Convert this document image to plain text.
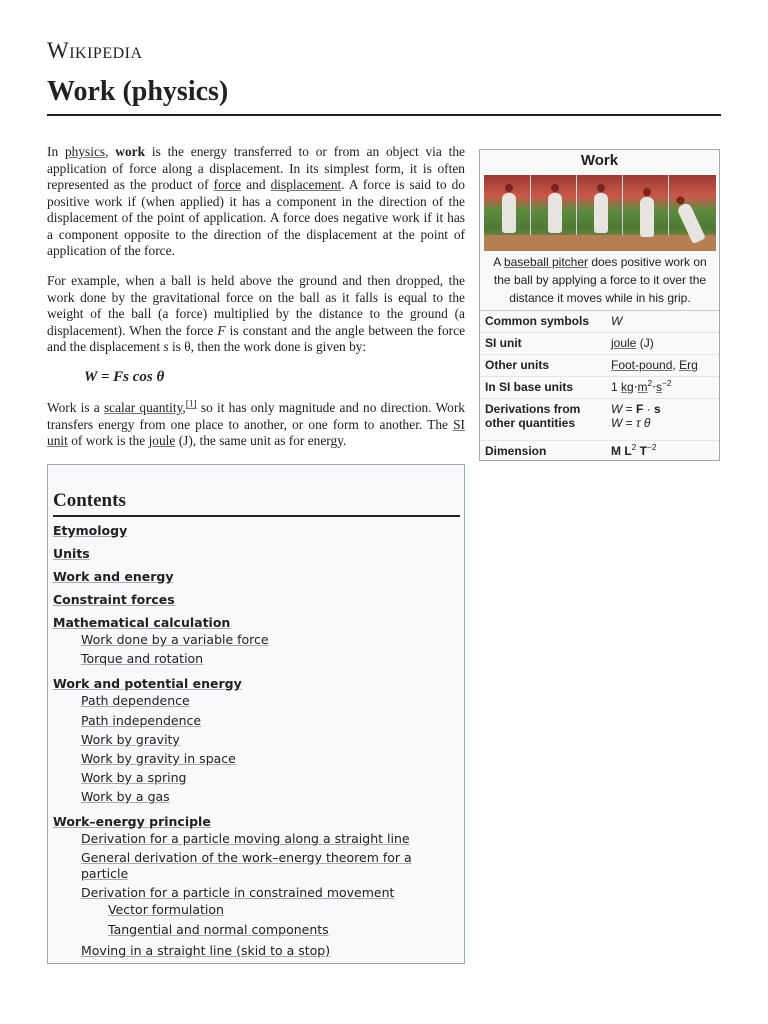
Wikipedia
Work (physics)

In physics, work is the energy transferred to or from an object via the application of force along a displacement. In its simplest form, it is often represented as the product of force and displacement. A force is said to do positive work if (when applied) it has a component in the direction of the displacement of the point of application. A force does negative work if it has a component opposite to the direction of the displacement at the point of application of the force.

For example, when a ball is held above the ground and then dropped, the work done by the gravitational force on the ball as it falls is equal to the weight of the ball (a force) multiplied by the distance to the ground (a displacement). When the force F is constant and the angle between the force and the displacement s is θ, then the work done is given by:

W = Fs cos θ

Work is a scalar quantity,[1] so it has only magnitude and no direction. Work transfers energy from one place to another, or one form to another. The SI unit of work is the joule (J), the same unit as for energy.

Work
A baseball pitcher does positive work on the ball by applying a force to it over the distance it moves while in his grip.
Common symbols	W
SI unit	joule (J)
Other units	Foot-pound, Erg
In SI base units	1 $kg\cdot m^2\cdot s^{-2}$
Derivations from other quantities	W = F · s
W = τ θ
Dimension	M $L^2$ $T^{-2}$
Contents
Etymology
Units
Work and energy
Constraint forces
Mathematical calculation
Work done by a variable force
Torque and rotation
Work and potential energy
Path dependence
Path independence
Work by gravity
Work by gravity in space
Work by a spring
Work by a gas
Work–energy principle
Derivation for a particle moving along a straight line
General derivation of the work–energy theorem for a particle
Derivation for a particle in constrained movement
Vector formulation
Tangential and normal components
Moving in a straight line (skid to a stop)
